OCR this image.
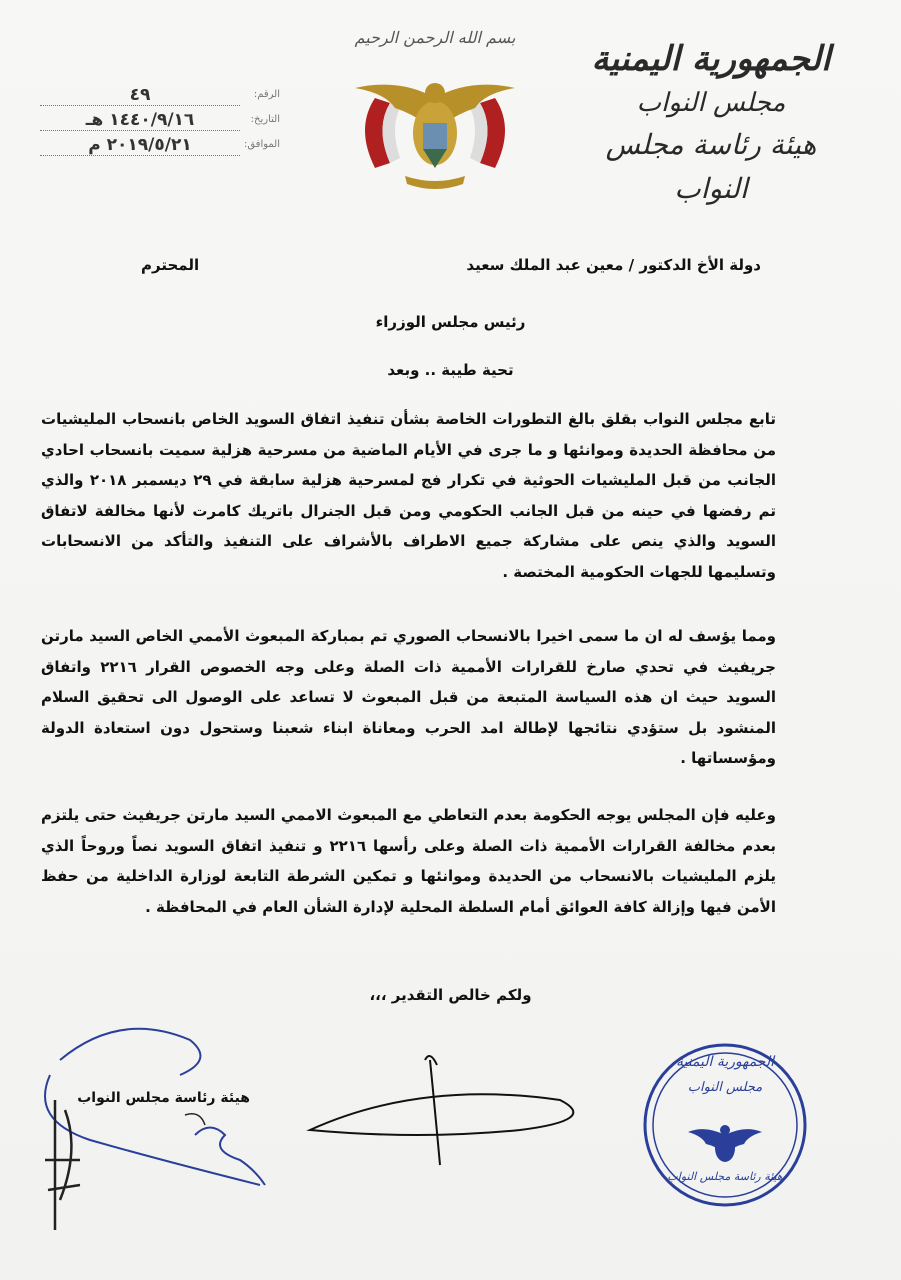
الجمهورية اليمنية
مجلس النواب
هيئة رئاسة مجلس النواب
بسم الله الرحمن الرحيم
الرقم:
٤٩
التاريخ:
١٤٤٠/٩/١٦ هـ
الموافق:
٢٠١٩/٥/٢١ م
دولة الأخ الدكتور / معين عبد الملك سعيد
المحترم
رئيس مجلس الوزراء
تحية طيبة .. وبعد
تابع مجلس النواب بقلق بالغ التطورات الخاصة بشأن تنفيذ اتفاق السويد الخاص بانسحاب المليشيات من محافظة الحديدة وموانئها و ما جرى في الأيام الماضية من مسرحية هزلية سميت بانسحاب احادي الجانب من قبل المليشيات الحوثية في تكرار فج لمسرحية هزلية سابقة في ٢٩ ديسمبر ٢٠١٨ والذي تم رفضها في حينه من قبل الجانب الحكومي ومن قبل الجنرال باتريك كامرت لأنها مخالفة لاتفاق السويد والذي ينص على مشاركة جميع الاطراف بالأشراف على التنفيذ والتأكد من الانسحابات وتسليمها للجهات الحكومية المختصة .
ومما يؤسف له ان ما سمى اخيرا بالانسحاب الصوري تم بمباركة المبعوث الأممي الخاص السيد مارتن جريفيث في تحدي صارخ للقرارات الأممية ذات الصلة وعلى وجه الخصوص القرار ٢٢١٦ واتفاق السويد حيث ان هذه السياسة المتبعة من قبل المبعوث لا تساعد على الوصول الى تحقيق السلام المنشود بل ستؤدي نتائجها لإطالة امد الحرب ومعاناة ابناء شعبنا وستحول دون استعادة الدولة ومؤسساتها .
وعليه فإن المجلس يوجه الحكومة بعدم التعاطي مع المبعوث الاممي السيد مارتن جريفيث حتى يلتزم بعدم مخالفة القرارات الأممية ذات الصلة وعلى رأسها ٢٢١٦ و تنفيذ اتفاق السويد نصاً وروحاً الذي يلزم المليشيات بالانسحاب من الحديدة وموانئها و تمكين الشرطة التابعة لوزارة الداخلية من حفظ الأمن فيها وإزالة كافة العوائق أمام السلطة المحلية لإدارة الشأن العام في المحافظة .
ولكم خالص التقدير ،،،
هيئة رئاسة مجلس النواب
الجمهورية اليمنية
مجلس النواب
هيئة رئاسة مجلس النواب
